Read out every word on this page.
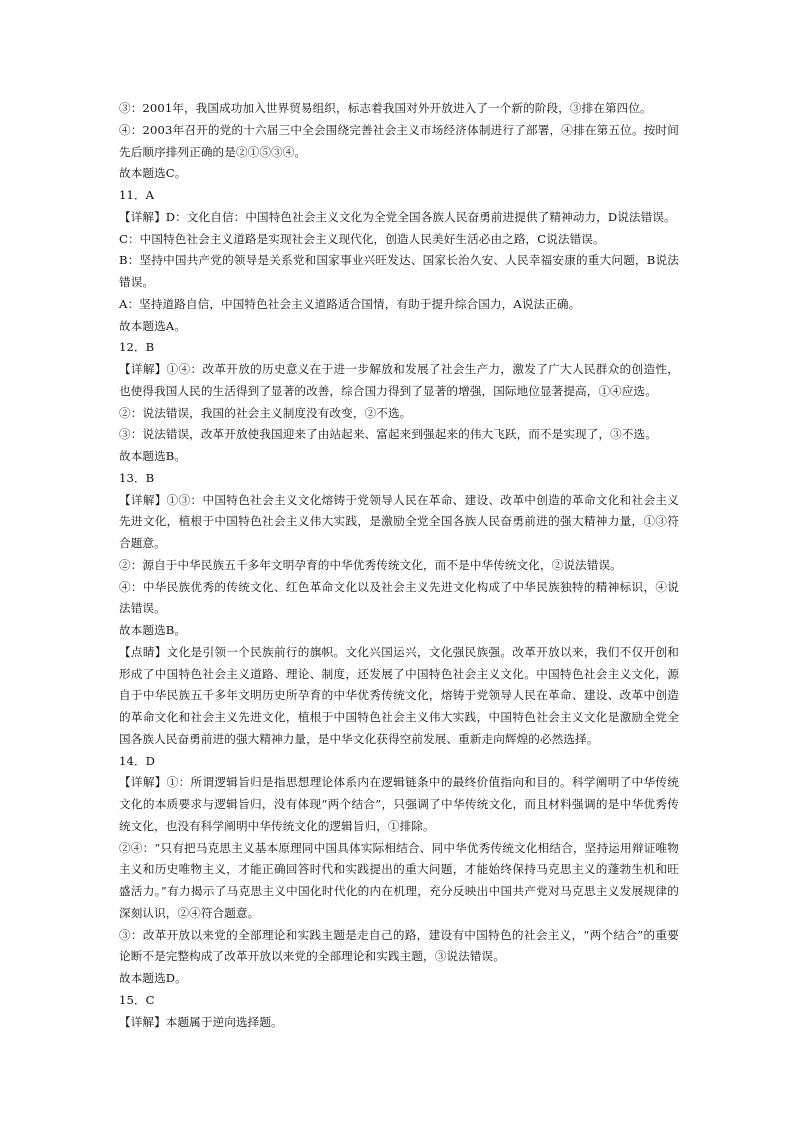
③：2001年，我国成功加入世界贸易组织，标志着我国对外开放进入了一个新的阶段，③排在第四位。

④：2003年召开的党的十六届三中全会围绕完善社会主义市场经济体制进行了部署，④排在第五位。按时间先后顺序排列正确的是②①⑤③④。

故本题选C。

11．A

【详解】D：文化自信：中国特色社会主义文化为全党全国各族人民奋勇前进提供了精神动力，D说法错误。

C：中国特色社会主义道路是实现社会主义现代化，创造人民美好生活必由之路，C说法错误。

B：坚持中国共产党的领导是关系党和国家事业兴旺发达、国家长治久安、人民幸福安康的重大问题，B说法错误。

A：坚持道路自信，中国特色社会主义道路适合国情，有助于提升综合国力，A说法正确。

故本题选A。

12．B

【详解】①④：改革开放的历史意义在于进一步解放和发展了社会生产力，激发了广大人民群众的创造性，也使得我国人民的生活得到了显著的改善，综合国力得到了显著的增强，国际地位显著提高，①④应选。

②：说法错误，我国的社会主义制度没有改变，②不选。

③：说法错误，改革开放使我国迎来了由站起来、富起来到强起来的伟大飞跃，而不是实现了，③不选。

故本题选B。

13．B

【详解】①③：中国特色社会主义文化熔铸于党领导人民在革命、建设、改革中创造的革命文化和社会主义先进文化，植根于中国特色社会主义伟大实践，是激励全党全国各族人民奋勇前进的强大精神力量，①③符合题意。

②：源自于中华民族五千多年文明孕育的中华优秀传统文化，而不是中华传统文化，②说法错误。

④：中华民族优秀的传统文化、红色革命文化以及社会主义先进文化构成了中华民族独特的精神标识，④说法错误。

故本题选B。

【点睛】文化是引领一个民族前行的旗帜。文化兴国运兴，文化强民族强。改革开放以来，我们不仅开创和形成了中国特色社会主义道路、理论、制度，还发展了中国特色社会主义文化。中国特色社会主义文化，源自于中华民族五千多年文明历史所孕育的中华优秀传统文化，熔铸于党领导人民在革命、建设、改革中创造的革命文化和社会主义先进文化，植根于中国特色社会主义伟大实践，中国特色社会主义文化是激励全党全国各族人民奋勇前进的强大精神力量，是中华文化获得空前发展、重新走向辉煌的必然选择。

14．D

【详解】①：所谓逻辑旨归是指思想理论体系内在逻辑链条中的最终价值指向和目的。科学阐明了中华传统文化的本质要求与逻辑旨归，没有体现“两个结合”，只强调了中华传统文化，而且材料强调的是中华优秀传统文化，也没有科学阐明中华传统文化的逻辑旨归，①排除。

②④：“只有把马克思主义基本原理同中国具体实际相结合、同中华优秀传统文化相结合，坚持运用辩证唯物主义和历史唯物主义，才能正确回答时代和实践提出的重大问题，才能始终保持马克思主义的蓬勃生机和旺盛活力。”有力揭示了马克思主义中国化时代化的内在机理，充分反映出中国共产党对马克思主义发展规律的深刻认识，②④符合题意。

③：改革开放以来党的全部理论和实践主题是走自己的路，建设有中国特色的社会主义，“两个结合”的重要论断不是完整构成了改革开放以来党的全部理论和实践主题，③说法错误。

故本题选D。

15．C

【详解】本题属于逆向选择题。
